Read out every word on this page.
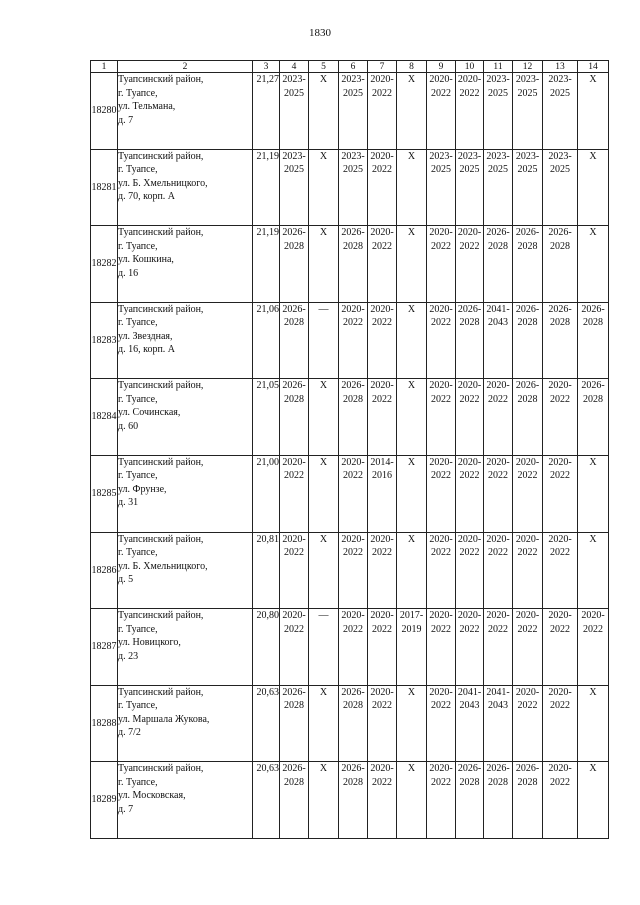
1830
1	2	3	4	5	6	7	8	9	10	11	12	13	14
18280	Туапсинский район,
г. Туапсе,
ул. Тельмана,
д. 7	21,27	2023-
2025	X	2023-
2025	2020-
2022	X	2020-
2022	2020-
2022	2023-
2025	2023-
2025	2023-
2025	X

18281	Туапсинский район,
г. Туапсе,
ул. Б. Хмельницкого,
д. 70, корп. А	21,19	2023-
2025	X	2023-
2025	2020-
2022	X	2023-
2025	2023-
2025	2023-
2025	2023-
2025	2023-
2025	X

18282	Туапсинский район,
г. Туапсе,
ул. Кошкина,
д. 16	21,19	2026-
2028	X	2026-
2028	2020-
2022	X	2020-
2022	2020-
2022	2026-
2028	2026-
2028	2026-
2028	X

18283	Туапсинский район,
г. Туапсе,
ул. Звездная,
д. 16, корп. А	21,06	2026-
2028	—	2020-
2022	2020-
2022	X	2020-
2022	2026-
2028	2041-
2043	2026-
2028	2026-
2028	2026-
2028

18284	Туапсинский район,
г. Туапсе,
ул. Сочинская,
д. 60	21,05	2026-
2028	X	2026-
2028	2020-
2022	X	2020-
2022	2020-
2022	2020-
2022	2026-
2028	2020-
2022	2026-
2028

18285	Туапсинский район,
г. Туапсе,
ул. Фрунзе,
д. 31	21,00	2020-
2022	X	2020-
2022	2014-
2016	X	2020-
2022	2020-
2022	2020-
2022	2020-
2022	2020-
2022	X

18286	Туапсинский район,
г. Туапсе,
ул. Б. Хмельницкого,
д. 5	20,81	2020-
2022	X	2020-
2022	2020-
2022	X	2020-
2022	2020-
2022	2020-
2022	2020-
2022	2020-
2022	X

18287	Туапсинский район,
г. Туапсе,
ул. Новицкого,
д. 23	20,80	2020-
2022	—	2020-
2022	2020-
2022	2017-
2019	2020-
2022	2020-
2022	2020-
2022	2020-
2022	2020-
2022	2020-
2022

18288	Туапсинский район,
г. Туапсе,
ул. Маршала Жукова,
д. 7/2	20,63	2026-
2028	X	2026-
2028	2020-
2022	X	2020-
2022	2041-
2043	2041-
2043	2020-
2022	2020-
2022	X

18289	Туапсинский район,
г. Туапсе,
ул. Московская,
д. 7	20,63	2026-
2028	X	2026-
2028	2020-
2022	X	2020-
2022	2026-
2028	2026-
2028	2026-
2028	2020-
2022	X
